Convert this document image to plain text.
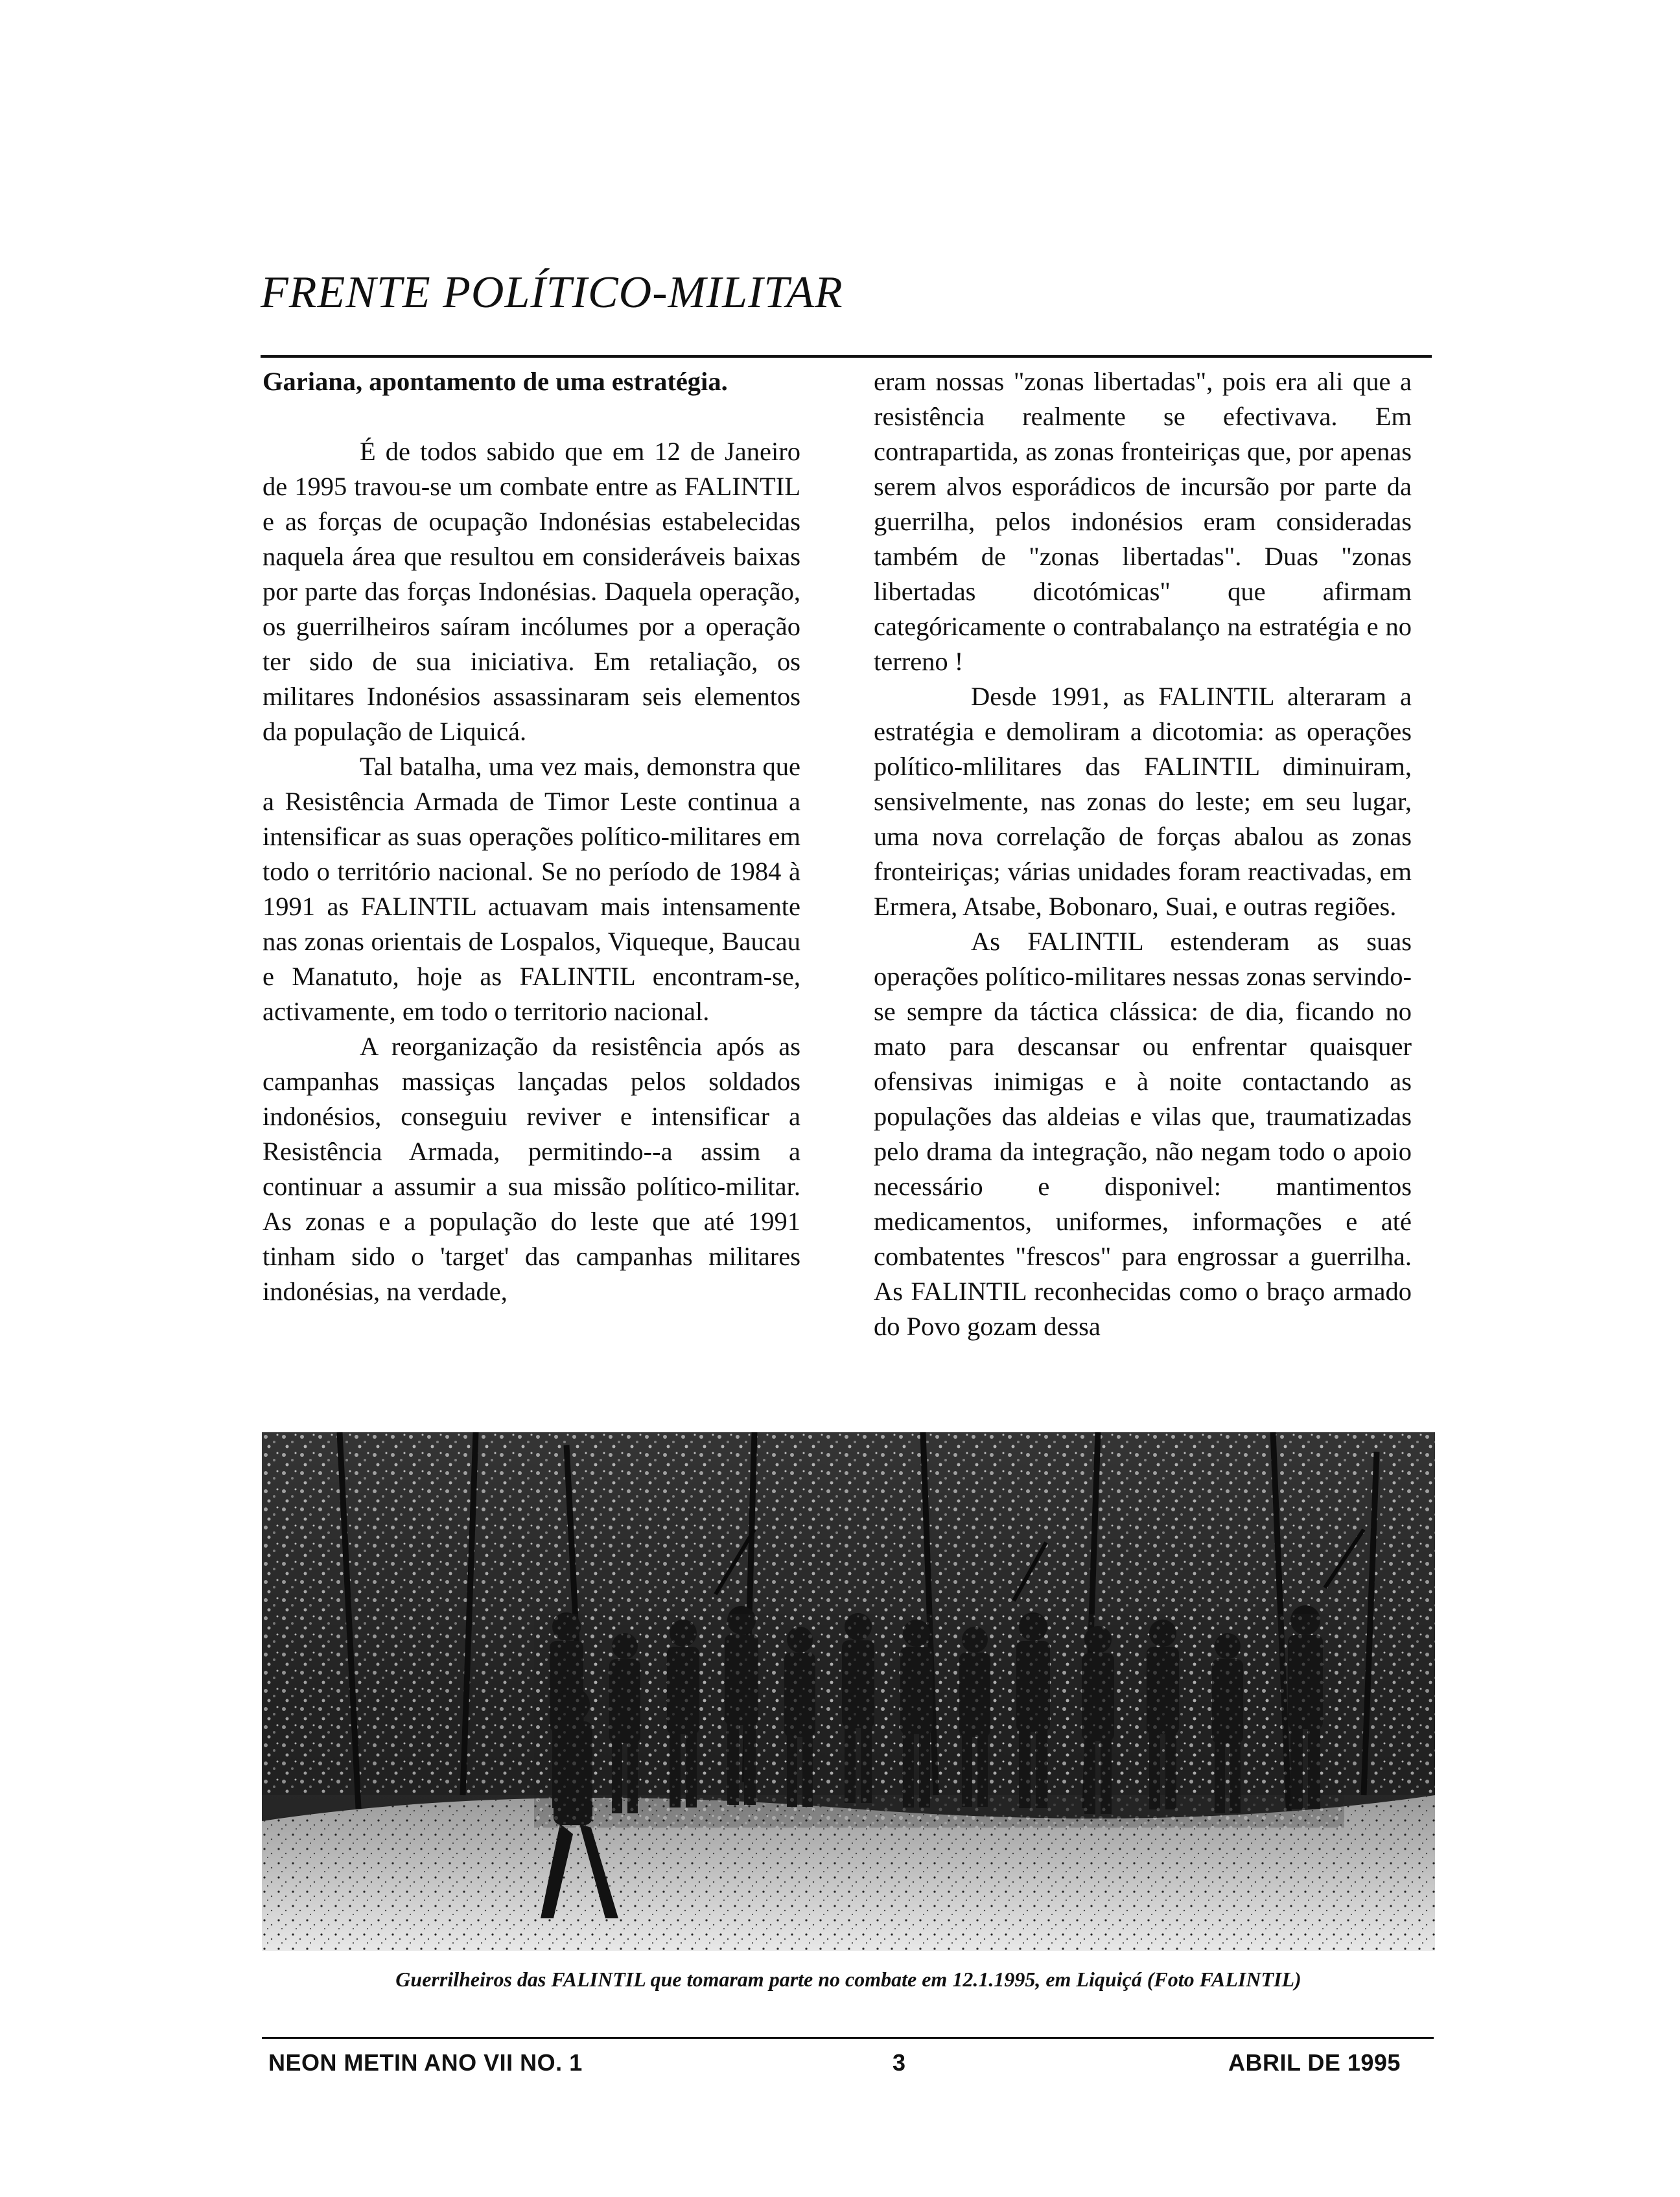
FRENTE POLÍTICO-MILITAR

Gariana, apontamento de uma estratégia.

É de todos sabido que em 12 de Janeiro de 1995 travou-se um combate entre as FALINTIL e as forças de ocupação Indonésias estabelecidas naquela área que resultou em consideráveis baixas por parte das forças Indonésias. Daquela operação, os guerrilheiros saíram incólumes por a operação ter sido de sua iniciativa. Em retaliação, os militares Indonésios assassinaram seis elementos da população de Liquicá.

Tal batalha, uma vez mais, demonstra que a Resistência Armada de Timor Leste continua a intensificar as suas operações político-militares em todo o território nacional. Se no período de 1984 à 1991 as FALINTIL actuavam mais intensamente nas zonas orientais de Lospalos, Viqueque, Baucau e Manatuto, hoje as FALINTIL encontram-se, activamente, em todo o territorio nacional.

A reorganização da resistência após as campanhas massiças lançadas pelos soldados indonésios, conseguiu reviver e intensificar a Resistência Armada, permitindo--a assim a continuar a assumir a sua missão político-militar. As zonas e a população do leste que até 1991 tinham sido o 'target' das campanhas militares indonésias, na verdade,

eram nossas "zonas libertadas", pois era ali que a resistência realmente se efectivava. Em contrapartida, as zonas fronteiriças que, por apenas serem alvos esporádicos de incursão por parte da guerrilha, pelos indonésios eram consideradas também de "zonas libertadas". Duas "zonas libertadas dicotómicas" que afirmam categóricamente o contrabalanço na estratégia e no terreno !

Desde 1991, as FALINTIL alteraram a estratégia e demoliram a dicotomia: as operações político-mlilitares das FALINTIL diminuiram, sensivelmente, nas zonas do leste; em seu lugar, uma nova correlação de forças abalou as zonas fronteiriças; várias unidades foram reactivadas, em Ermera, Atsabe, Bobonaro, Suai, e outras regiões.

As FALINTIL estenderam as suas operações político-militares nessas zonas servindo-se sempre da táctica clássica: de dia, ficando no mato para descansar ou enfrentar quaisquer ofensivas inimigas e à noite contactando as populações das aldeias e vilas que, traumatizadas pelo drama da integração, não negam todo o apoio necessário e disponivel: mantimentos medicamentos, uniformes, informações e até combatentes "frescos" para engrossar a guerrilha. As FALINTIL reconhecidas como o braço armado do Povo gozam dessa

Guerrilheiros das FALINTIL que tomaram parte no combate em 12.1.1995, em Liquiçá (Foto FALINTIL)
NEON METIN ANO VII NO. 1	3	ABRIL DE 1995
